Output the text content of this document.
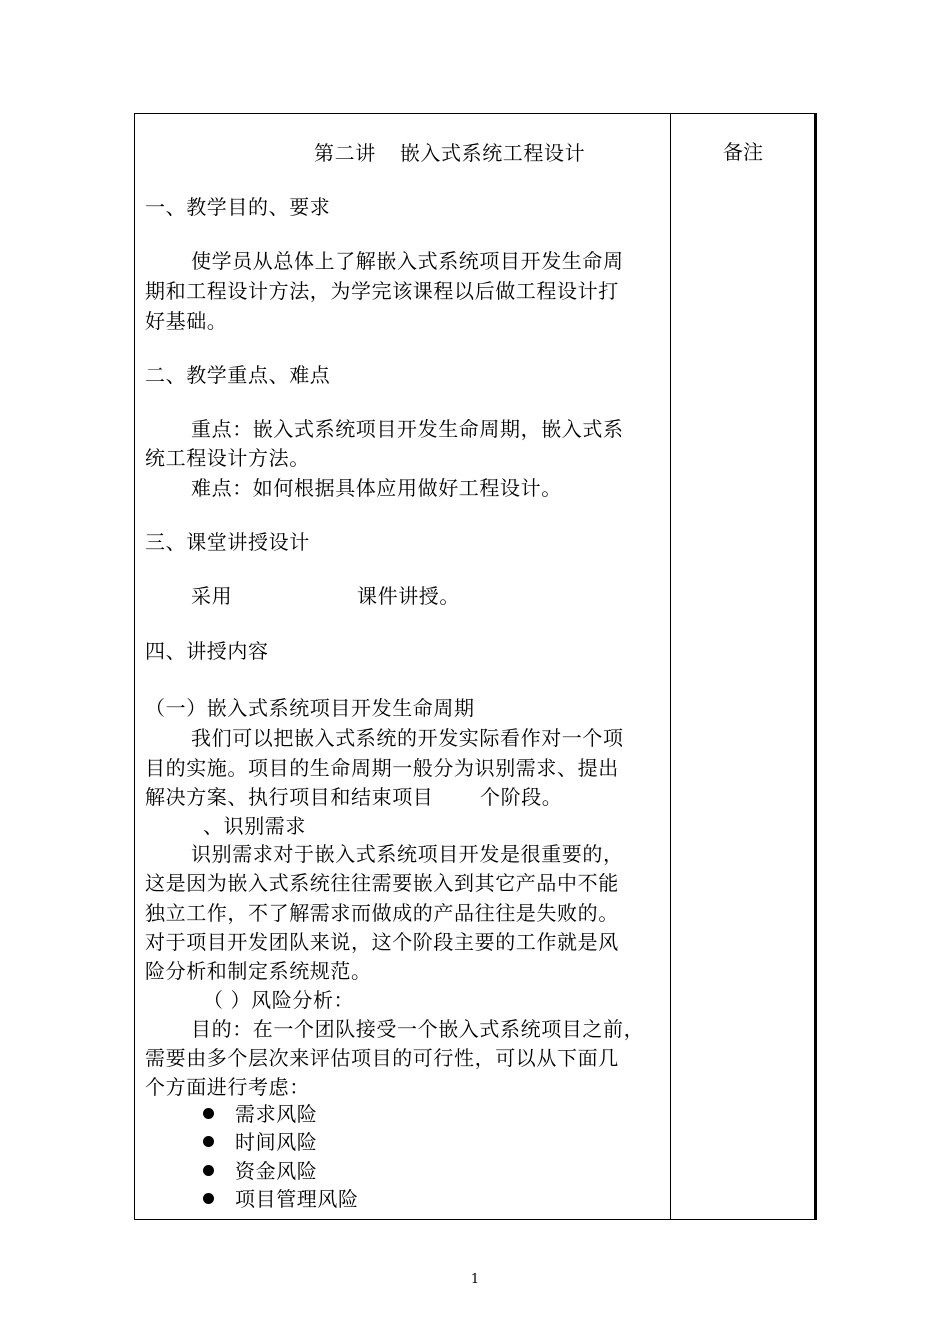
备注
第二讲 嵌入式系统工程设计
一、教学目的、要求
使学员从总体上了解嵌入式系统项目开发生命周
期和工程设计方法，为学完该课程以后做工程设计打
好基础。
二、教学重点、难点
重点：嵌入式系统项目开发生命周期，嵌入式系
统工程设计方法。
难点：如何根据具体应用做好工程设计。
三、课堂讲授设计
采用	课件讲授。
四、讲授内容
（一）嵌入式系统项目开发生命周期
我们可以把嵌入式系统的开发实际看作对一个项
目的实施。项目的生命周期一般分为识别需求、提出
解决方案、执行项目和结束项目 个阶段。
、识别需求
识别需求对于嵌入式系统项目开发是很重要的，
这是因为嵌入式系统往往需要嵌入到其它产品中不能
独立工作，不了解需求而做成的产品往往是失败的。
对于项目开发团队来说，这个阶段主要的工作就是风
险分析和制定系统规范。
（ ）风险分析：
目的：在一个团队接受一个嵌入式系统项目之前，
需要由多个层次来评估项目的可行性，可以从下面几
个方面进行考虑：
需求风险
时间风险
资金风险
项目管理风险
1
